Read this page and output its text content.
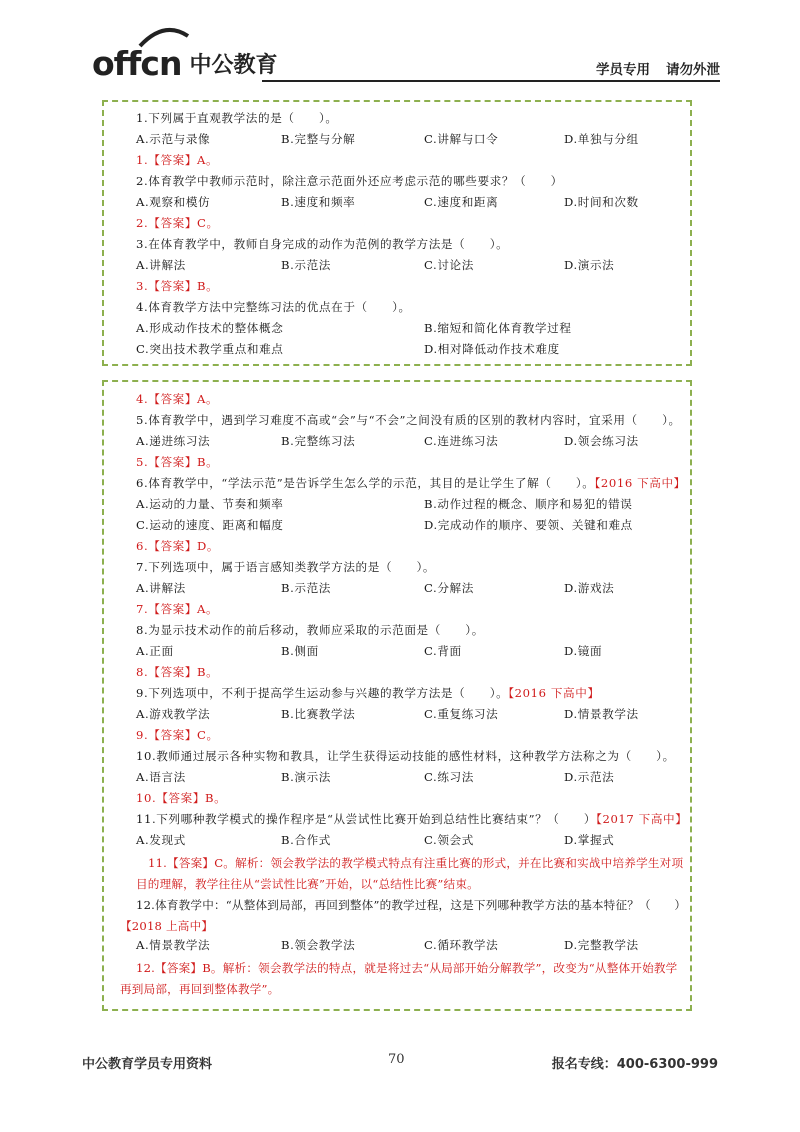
offcn 中公教育	学员专用 请勿外泄
1.下列属于直观教学法的是（　　）。
A.示范与录像	B.完整与分解	C.讲解与口令	D.单独与分组
1.【答案】A。
2.体育教学中教师示范时，除注意示范面外还应考虑示范的哪些要求？（　　）
A.观察和模仿	B.速度和频率	C.速度和距离	D.时间和次数
2.【答案】C。
3.在体育教学中，教师自身完成的动作为范例的教学方法是（　　）。
A.讲解法	B.示范法	C.讨论法	D.演示法
3.【答案】B。
4.体育教学方法中完整练习法的优点在于（　　）。
A.形成动作技术的整体概念	B.缩短和简化体育教学过程
C.突出技术教学重点和难点	D.相对降低动作技术难度
4.【答案】A。
5.体育教学中，遇到学习难度不高或“会”与“不会”之间没有质的区别的教材内容时，宜采用（　　）。
A.递进练习法	B.完整练习法	C.连进练习法	D.领会练习法
5.【答案】B。
6.体育教学中，“学法示范”是告诉学生怎么学的示范，其目的是让学生了解（　　）。【2016 下高中】
A.运动的力量、节奏和频率	B.动作过程的概念、顺序和易犯的错误
C.运动的速度、距离和幅度	D.完成动作的顺序、要领、关键和难点
6.【答案】D。
7.下列选项中，属于语言感知类教学方法的是（　　）。
A.讲解法	B.示范法	C.分解法	D.游戏法
7.【答案】A。
8.为显示技术动作的前后移动，教师应采取的示范面是（　　）。
A.正面	B.侧面	C.背面	D.镜面
8.【答案】B。
9.下列选项中，不利于提高学生运动参与兴趣的教学方法是（　　）。【2016 下高中】
A.游戏教学法	B.比赛教学法	C.重复练习法	D.情景教学法
9.【答案】C。
10.教师通过展示各种实物和教具，让学生获得运动技能的感性材料，这种教学方法称之为（　　）。
A.语言法	B.演示法	C.练习法	D.示范法
10.【答案】B。
11.下列哪种教学模式的操作程序是“从尝试性比赛开始到总结性比赛结束”？（　　）【2017 下高中】
A.发现式	B.合作式	C.领会式	D.掌握式
11.【答案】C。解析：领会教学法的教学模式特点有注重比赛的形式，并在比赛和实战中培养学生对项目的理解，教学往往从“尝试性比赛”开始，以“总结性比赛”结束。
12.体育教学中：“从整体到局部，再回到整体”的教学过程，这是下列哪种教学方法的基本特征？（　　）【2018 上高中】
A.情景教学法	B.领会教学法	C.循环教学法	D.完整教学法
12.【答案】B。解析：领会教学法的特点，就是将过去“从局部开始分解教学”，改变为“从整体开始教学再到局部，再回到整体教学”。
中公教育学员专用资料	70	报名专线：400-6300-999
